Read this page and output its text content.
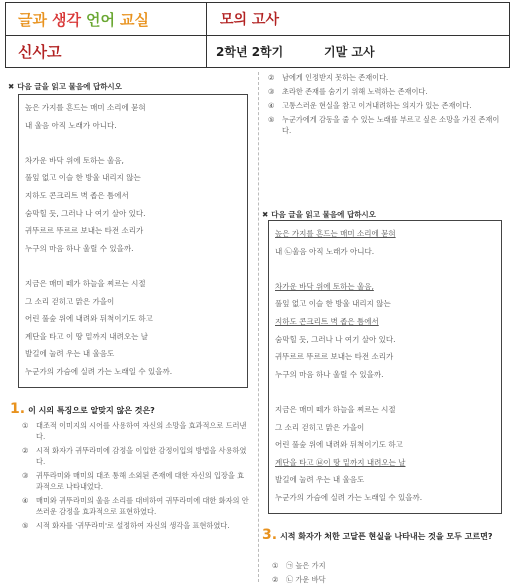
글과 생각 언어 교실	모의 고사
신사고	2학년 2학기	기말 고사
✖ 다음 글을 읽고 물음에 답하시오
높은 가지를 흔드는 매미 소리에 묻혀
내 울음 아직 노래가 아니다.
차가운 바닥 위에 토하는 울음,
풀잎 없고 이슬 한 방울 내리지 않는
지하도 콘크리트 벽 좁은 틈에서
숨막힐 듯, 그러나 나 여기 살아 있다.
귀뚜르르 뚜르르 보내는 타전 소리가
누구의 마음 하나 울릴 수 있을까.
지금은 매미 떼가 하늘을 찌르는 시절
그 소리 걷히고 맑은 가을이
어린 풀숲 위에 내려와 뒤척이기도 하고
계단을 타고 이 땅 밑까지 내려오는 날
발길에 눌려 우는 내 울음도
누군가의 가슴에 실려 가는 노래일 수 있을까.
1. 이 시의 특징으로 알맞지 않은 것은?
①	대조적 이미지의 시어를 사용하여 자신의 소망을 효과적으로 드러낸다.
②	시적 화자가 귀뚜라미에 감정을 이입한 감정이입의 방법을 사용하였다.
③	귀뚜라미와 매미의 대조 통해 소외된 존재에 대한 자신의 입장을 효과적으로 나타내었다.
④	매미와 귀뚜라미의 울음 소리를 대비하여 귀뚜라미에 대한 화자의 안쓰러운 감정을 효과적으로 표현하였다.
⑤	시적 화자를 '귀뚜라미'로 설정하여 자신의 생각을 표현하였다.
②	남에게 인정받지 못하는 존재이다.
③	초라한 존재를 숨기기 위해 노력하는 존재이다.
④	고통스러운 현실을 참고 이겨내려하는 의지가 있는 존재이다.
⑤	누군가에게 감동을 줄 수 있는 노래를 부르고 싶은 소망을 가진 존재이다.
✖ 다음 글을 읽고 물음에 답하시오
높은 가지를 흔드는 매미 소리에 묻혀
내 ㉡울음 아직 노래가 아니다.
차가운 바닥 위에 토하는 울음,
풀잎 없고 이슬 한 방울 내리지 않는
지하도 콘크리트 벽 좁은 틈에서
숨막힐 듯, 그러나 나 여기 살아 있다.
귀뚜르르 뚜르르 보내는 타전 소리가
누구의 마음 하나 울릴 수 있을까.
지금은 매미 떼가 하늘을 찌르는 시절
그 소리 걷히고 맑은 가을이
어린 풀숲 위에 내려와 뒤척이기도 하고
계단을 타고 ㉥이 땅 밑까지 내려오는 날
발길에 눌려 우는 내 울음도
누군가의 가슴에 실려 가는 노래일 수 있을까.
3. 시적 화자가 처한 고달픈 현실을 나타내는 것을 모두 고르면?
①	㉠ 높은 가지
②	㉡ 가운 바닥
